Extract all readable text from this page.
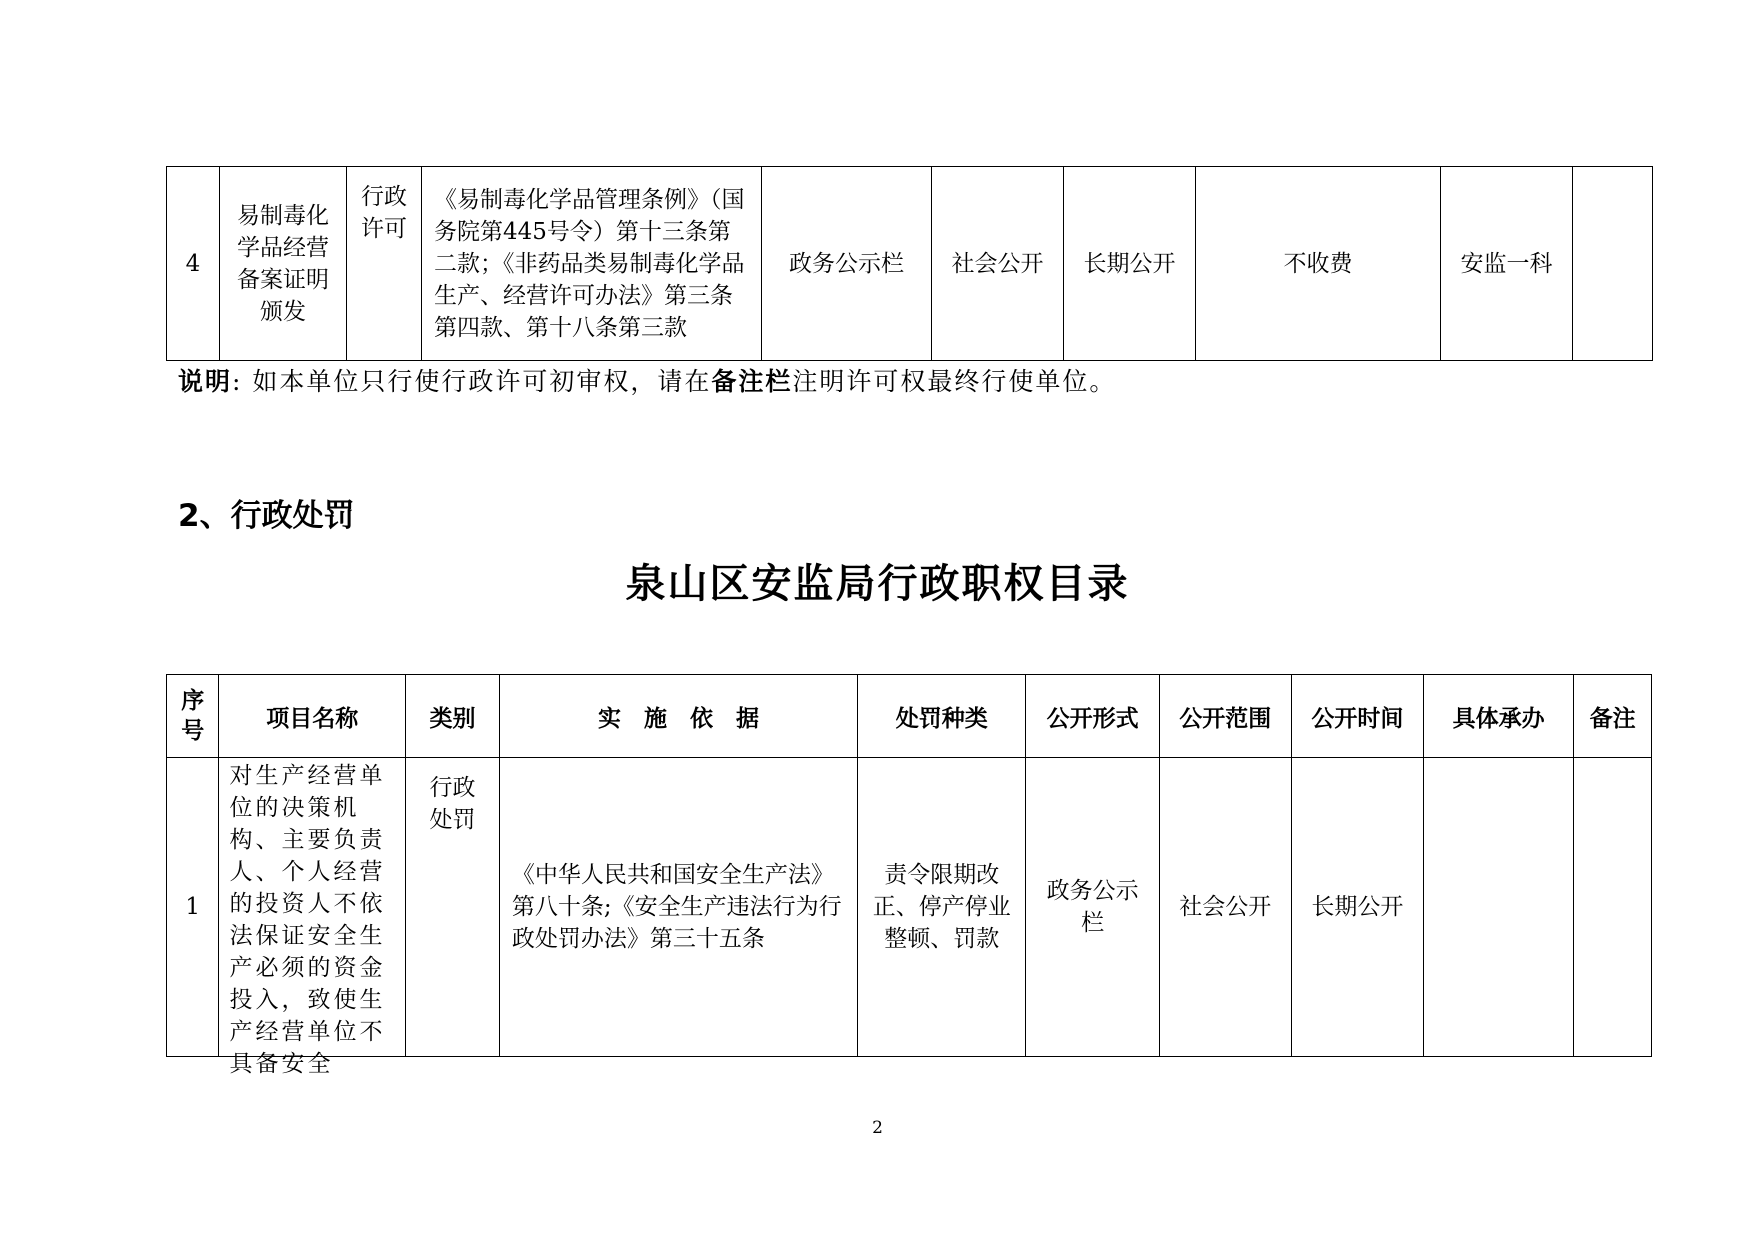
4	易制毒化学品经营备案证明颁发	行政许可	《易制毒化学品管理条例》（国务院第445号令）第十三条第二款；《非药品类易制毒化学品生产、经营许可办法》第三条第四款、第十八条第三款	政务公示栏	社会公开	长期公开	不收费	安监一科	
说明: 如本单位只行使行政许可初审权，请在备注栏注明许可权最终行使单位。
2、行政处罚
泉山区安监局行政职权目录
序号	项目名称	类别	实　施　依　据	处罚种类	公开形式	公开范围	公开时间	具体承办	备注
1	对生产经营单位的决策机构、主要负责人、个人经营的投资人不依法保证安全生产必须的资金投入，致使生产经营单位不具备安全	行政处罚	《中华人民共和国安全生产法》第八十条;《安全生产违法行为行政处罚办法》第三十五条	责令限期改正、停产停业整顿、罚款	政务公示栏	社会公开	长期公开		
2
